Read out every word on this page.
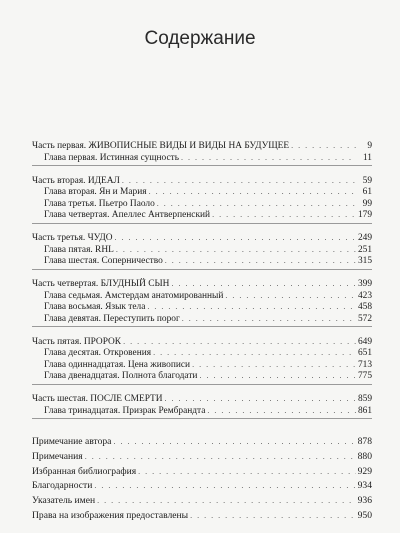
Содержание
Часть первая. ЖИВОПИСНЫЕ ВИДЫ И ВИДЫ НА БУДУЩЕЕ . . .	9
Глава первая. Истинная сущность . . .	11
Часть вторая. ИДЕАЛ . . .	59
Глава вторая. Ян и Мария . . .	61
Глава третья. Пьетро Паоло . . .	99
Глава четвертая. Апеллес Антверпенский . . .	179
Часть третья. ЧУДО . . .	249
Глава пятая. RHL . . .	251
Глава шестая. Соперничество . . .	315
Часть четвертая. БЛУДНЫЙ СЫН . . .	399
Глава седьмая. Амстердам анатомированный . . .	423
Глава восьмая. Язык тела . . .	458
Глава девятая. Переступить порог . . .	572
Часть пятая. ПРОРОК . . .	649
Глава десятая. Откровения . . .	651
Глава одиннадцатая. Цена живописи . . .	713
Глава двенадцатая. Полнота благодати . . .	775
Часть шестая. ПОСЛЕ СМЕРТИ . . .	859
Глава тринадцатая. Призрак Рембрандта . . .	861
Примечание автора . . .	878
Примечания . . .	880
Избранная библиография . . .	929
Благодарности . . .	934
Указатель имен . . .	936
Права на изображения предоставлены . . .	950
